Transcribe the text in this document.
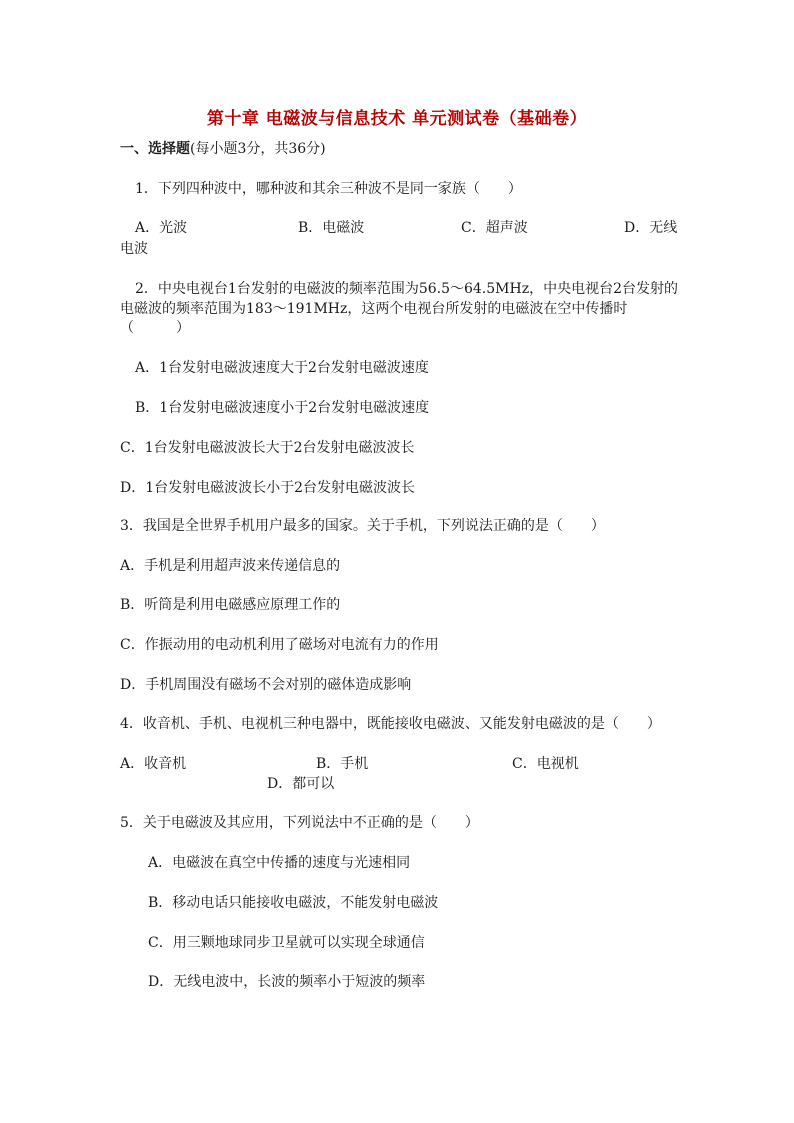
第十章 电磁波与信息技术 单元测试卷（基础卷）
一、选择题(每小题3分，共36分)
1．下列四种波中，哪种波和其余三种波不是同一家族（　　）
A．光波	B．电磁波	C．超声波	D．无线
电波
2．中央电视台1台发射的电磁波的频率范围为56.5～64.5MHz，中央电视台2台发射的
电磁波的频率范围为183～191MHz，这两个电视台所发射的电磁波在空中传播时
（　　　）
A．1台发射电磁波速度大于2台发射电磁波速度
B．1台发射电磁波速度小于2台发射电磁波速度
C．1台发射电磁波波长大于2台发射电磁波波长
D．1台发射电磁波波长小于2台发射电磁波波长
3．我国是全世界手机用户最多的国家。关于手机，下列说法正确的是（　　）
A．手机是利用超声波来传递信息的
B．听筒是利用电磁感应原理工作的
C．作振动用的电动机利用了磁场对电流有力的作用
D．手机周围没有磁场不会对别的磁体造成影响
4．收音机、手机、电视机三种电器中，既能接收电磁波、又能发射电磁波的是（　　）
A．收音机	B．手机	C．电视机
D．都可以
5．关于电磁波及其应用，下列说法中不正确的是（　　）
A．电磁波在真空中传播的速度与光速相同
B．移动电话只能接收电磁波，不能发射电磁波
C．用三颗地球同步卫星就可以实现全球通信
D．无线电波中，长波的频率小于短波的频率
